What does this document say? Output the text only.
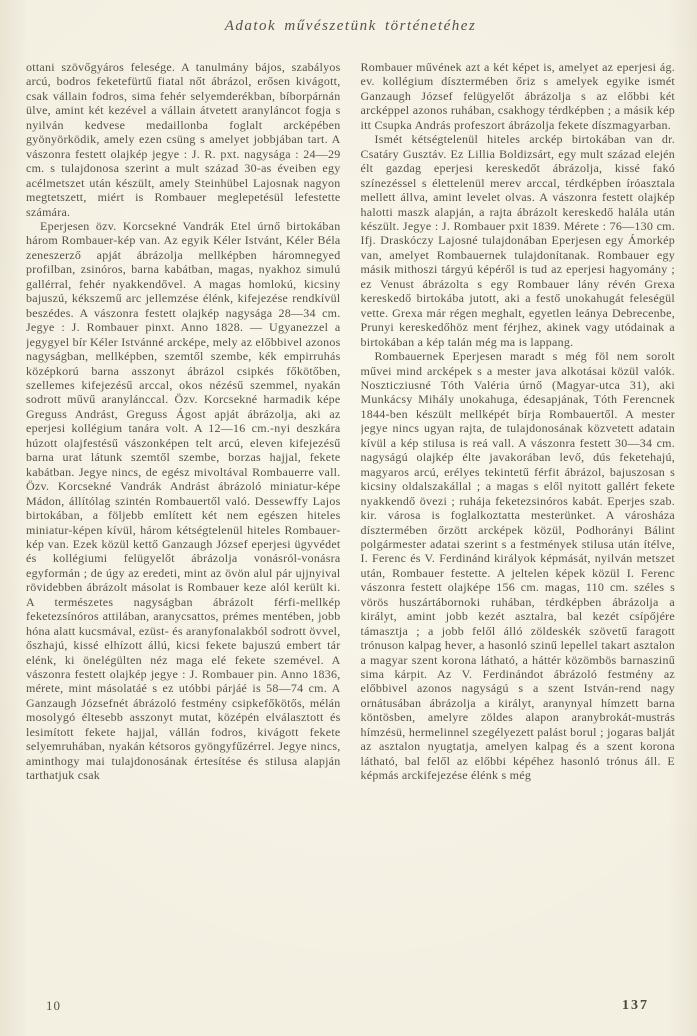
Adatok művészetünk történetéhez

ottani szövőgyáros felesége. A tanulmány bájos, szabályos arcú, bodros feketefürtű fiatal nőt ábrázol, erősen kivágott, csak vállain fodros, sima fehér selyemderékban, bíborpárnán ülve, amint két kezével a vállain átvetett aranyláncot fogja s nyilván kedvese medaillonba foglalt arcképében gyönyörködik, amely ezen csüng s amelyet jobbjában tart. A vászonra festett olajkép jegye : J. R. pxt. nagysága : 24—29 cm. s tulajdonosa szerint a mult század 30-as éveiben egy acélmetszet után készült, amely Steinhübel Lajosnak nagyon megtetszett, miért is Rombauer meglepetésül lefestette számára.

Eperjesen özv. Korcsekné Vandrák Etel úrnő birtokában három Rombauer-kép van. Az egyik Kéler Istvánt, Kéler Béla zeneszerző apját ábrázolja mellképben háromnegyed profilban, zsinóros, barna kabátban, magas, nyakhoz simulú gallérral, fehér nyakkendővel. A magas homlokú, kicsiny bajuszú, kékszemű arc jellemzése élénk, kifejezése rendkívül beszédes. A vászonra festett olajkép nagysága 28—34 cm. Jegye : J. Rombauer pinxt. Anno 1828. — Ugyanezzel a jegygyel bír Kéler Istvánné arcképe, mely az előbbivel azonos nagyságban, mellképben, szemtől szembe, kék empirruhás középkorú barna asszonyt ábrázol csipkés főkötőben, szellemes kifejezésű arccal, okos nézésű szemmel, nyakán sodrott művű aranylánccal. Özv. Korcsekné harmadik képe Greguss Andrást, Greguss Ágost apját ábrázolja, aki az eperjesi kollégium tanára volt. A 12—16 cm.-nyi deszkára húzott olajfestésű vászonképen telt arcú, eleven kifejezésű barna urat látunk szemtől szembe, borzas hajjal, fekete kabátban. Jegye nincs, de egész mivoltával Rombauerre vall. Özv. Korcsekné Vandrák Andrást ábrázoló miniatur-képe Mádon, állítólag szintén Rombauertől való. Dessewffy Lajos birtokában, a följebb említett két nem egészen hiteles miniatur-képen kívül, három kétségtelenül hiteles Rombauer-kép van. Ezek közül kettő Ganzaugh József eperjesi ügyvédet és kollégiumi felügyelőt ábrázolja vonásról-vonásra egyformán ; de úgy az eredeti, mint az övön alul pár ujjnyival rövidebben ábrázolt másolat is Rombauer keze alól került ki. A természetes nagyságban ábrázolt férfi-mellkép feketezsínóros attilában, aranycsattos, prémes mentében, jobb hóna alatt kucsmával, ezüst- és aranyfonalakból sodrott övvel, őszhajú, kissé elhízott állú, kicsi fekete bajuszú embert tár elénk, ki önelégülten néz maga elé fekete szemével. A vászonra festett olajkép jegye : J. Rombauer pin. Anno 1836, mérete, mint másolatáé s ez utóbbi párjáé is 58—74 cm. A Ganzaugh Józsefnét ábrázoló festmény csipkefőkötős, mélán mosolygó éltesebb asszonyt mutat, középén elválasztott és lesimított fekete hajjal, vállán fodros, kivágott fekete selyemruhában, nyakán kétsoros gyöngyfűzérrel. Jegye nincs, aminthogy mai tulajdonosának értesítése és stilusa alapján tarthatjuk csak

Rombauer művének azt a két képet is, amelyet az eperjesi ág. ev. kollégium dísztermében őriz s amelyek egyike ismét Ganzaugh József felügyelőt ábrázolja s az előbbi két arcképpel azonos ruhában, csakhogy térdképben ; a másik kép itt Csupka András profeszort ábrázolja fekete díszmagyarban.

Ismét kétségtelenül hiteles arckép birtokában van dr. Csatáry Gusztáv. Ez Lillia Boldizsárt, egy mult század elején élt gazdag eperjesi kereskedőt ábrázolja, kissé fakó színezéssel s élettelenül merev arccal, térdképben íróasztala mellett állva, amint levelet olvas. A vászonra festett olajkép halotti maszk alapján, a rajta ábrázolt kereskedő halála után készült. Jegye : J. Rombauer pxit 1839. Mérete : 76—130 cm. Ifj. Draskóczy Lajosné tulajdonában Eperjesen egy Ámorkép van, amelyet Rombauernek tulajdonítanak. Rombauer egy másik mithoszi tárgyú képéről is tud az eperjesi hagyomány ; ez Venust ábrázolta s egy Rombauer lány révén Grexa kereskedő birtokába jutott, aki a festő unokahugát feleségül vette. Grexa már régen meghalt, egyetlen leánya Debrecenbe, Prunyi kereskedőhöz ment férjhez, akinek vagy utódainak a birtokában a kép talán még ma is lappang.

Rombauernek Eperjesen maradt s még föl nem sorolt művei mind arcképek s a mester java alkotásai közül valók. Noszticziusné Tóth Valéria úrnő (Magyar-utca 31), aki Munkácsy Mihály unokahuga, édesapjának, Tóth Ferencnek 1844-ben készült mellképét bírja Rombauertől. A mester jegye nincs ugyan rajta, de tulajdonosának közvetett adatain kívül a kép stilusa is reá vall. A vászonra festett 30—34 cm. nagyságú olajkép élte javakorában levő, dús feketehajú, magyaros arcú, erélyes tekintetű férfit ábrázol, bajuszosan s kicsiny oldalszakállal ; a magas s elől nyitott gallért fekete nyakkendő övezi ; ruhája feketezsinóros kabát. Eperjes szab. kir. városa is foglalkoztatta mesterünket. A városháza dísztermében őrzött arcképek közül, Podhorányi Bálint polgármester adatai szerint s a festmények stilusa után ítélve, I. Ferenc és V. Ferdinánd királyok képmását, nyilván metszet után, Rombauer festette. A jeltelen képek közül I. Ferenc vászonra festett olajképe 156 cm. magas, 110 cm. széles s vörös huszártábornoki ruhában, térdképben ábrázolja a királyt, amint jobb kezét asztalra, bal kezét csípőjére támasztja ; a jobb felől álló zöldeskék szövetű faragott trónuson kalpag hever, a hasonló szinű lepellel takart asztalon a magyar szent korona látható, a háttér közömbös barnaszinű sima kárpit. Az V. Ferdinándot ábrázoló festmény az előbbivel azonos nagyságú s a szent István-rend nagy ornátusában ábrázolja a királyt, aranynyal hímzett barna köntösben, amelyre zöldes alapon aranybrokát-mustrás hímzésü, hermelinnel szegélyezett palást borul ; jogaras balját az asztalon nyugtatja, amelyen kalpag és a szent korona látható, bal felől az előbbi képéhez hasonló trónus áll. E képmás arckifejezése élénk s még

10	137
